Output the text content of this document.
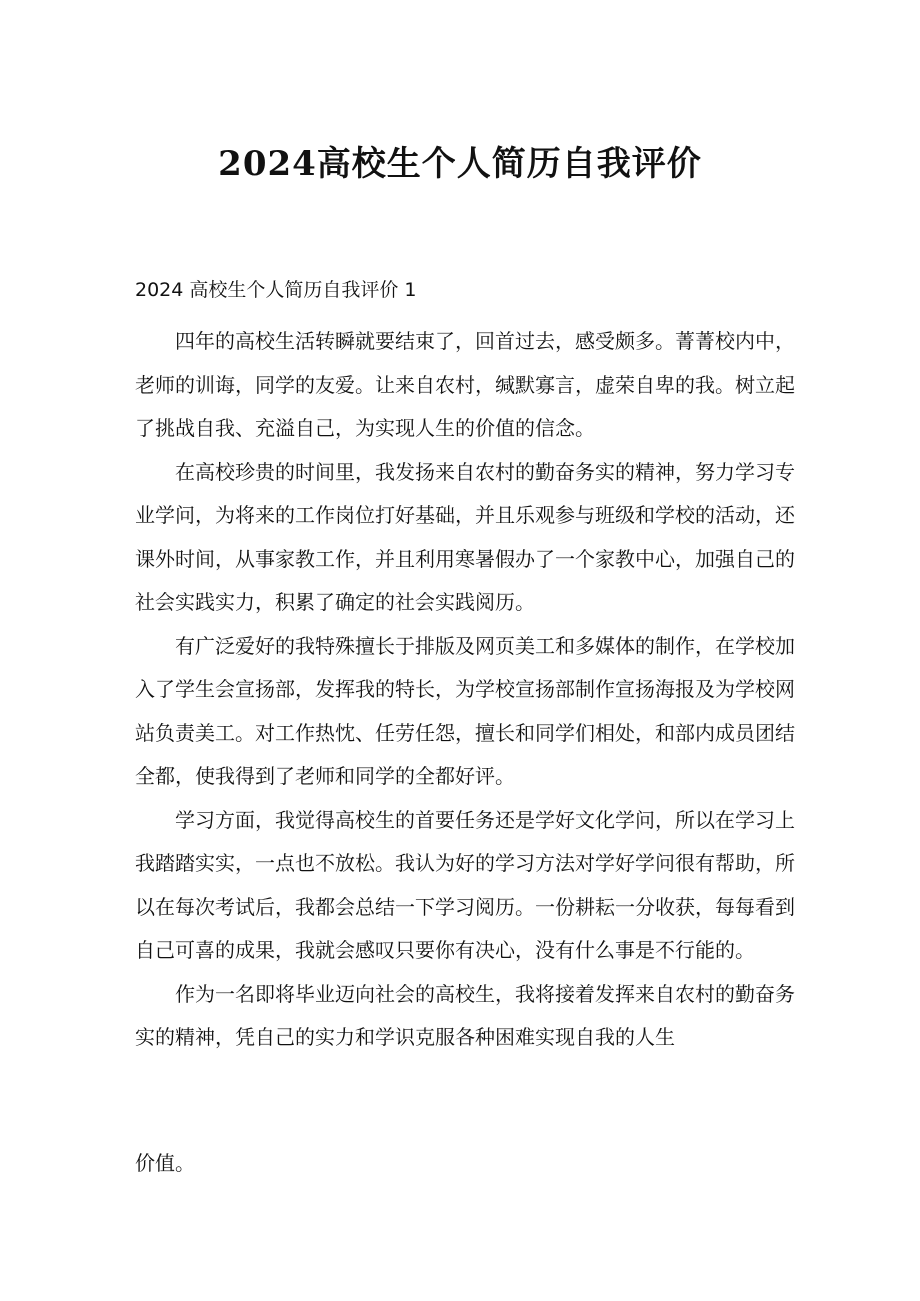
2024高校生个人简历自我评价

2024 高校生个人简历自我评价 1

四年的高校生活转瞬就要结束了，回首过去，感受颇多。菁菁校内中，老师的训诲，同学的友爱。让来自农村，缄默寡言，虚荣自卑的我。树立起了挑战自我、充溢自己，为实现人生的价值的信念。

在高校珍贵的时间里，我发扬来自农村的勤奋务实的精神，努力学习专业学问，为将来的工作岗位打好基础，并且乐观参与班级和学校的活动，还课外时间，从事家教工作，并且利用寒暑假办了一个家教中心，加强自己的社会实践实力，积累了确定的社会实践阅历。

有广泛爱好的我特殊擅长于排版及网页美工和多媒体的制作，在学校加入了学生会宣扬部，发挥我的特长，为学校宣扬部制作宣扬海报及为学校网站负责美工。对工作热忱、任劳任怨，擅长和同学们相处，和部内成员团结全都，使我得到了老师和同学的全都好评。

学习方面，我觉得高校生的首要任务还是学好文化学问，所以在学习上我踏踏实实，一点也不放松。我认为好的学习方法对学好学问很有帮助，所以在每次考试后，我都会总结一下学习阅历。一份耕耘一分收获，每每看到自己可喜的成果，我就会感叹只要你有决心，没有什么事是不行能的。

作为一名即将毕业迈向社会的高校生，我将接着发挥来自农村的勤奋务实的精神，凭自己的实力和学识克服各种困难实现自我的人生

价值。
